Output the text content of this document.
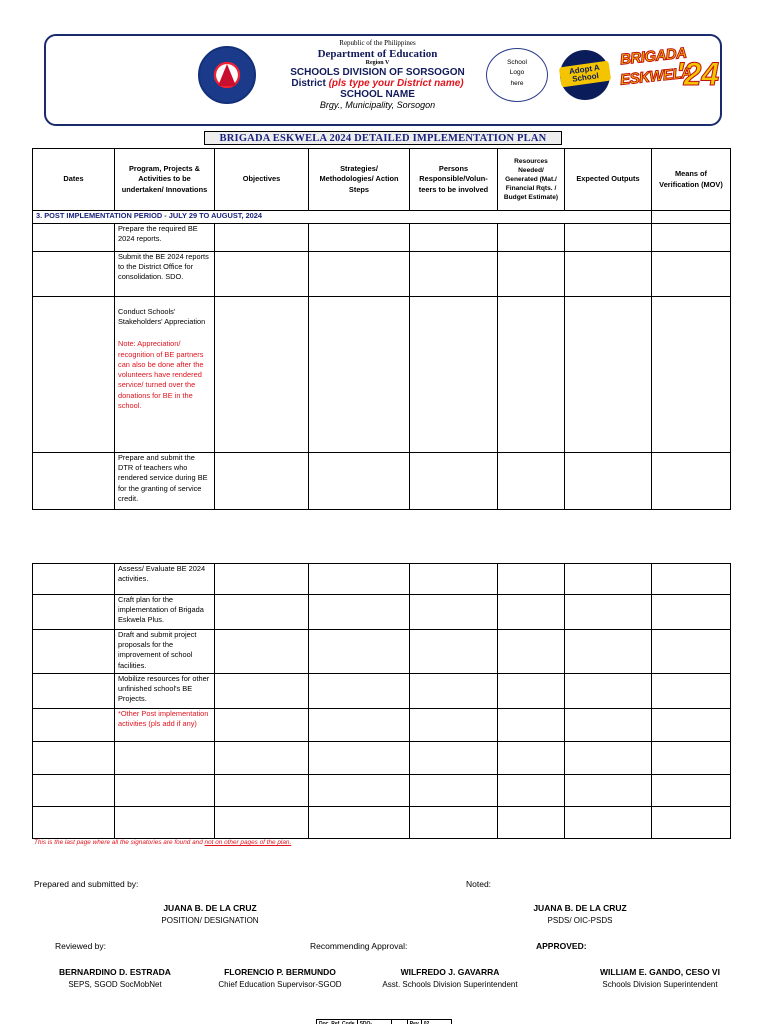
Republic of the Philippines
Department of Education
Region V
SCHOOLS DIVISION OF SORSOGON
District (pls type your District name)
SCHOOL NAME
Brgy., Municipality, Sorsogon
School
Logo
here
Adopt A School
BRIGADA
ESKWELA
'24
BRIGADA ESKWELA 2024 DETAILED IMPLEMENTATION PLAN
Dates	Program, Projects & Activities to be undertaken/ Innovations	Objectives	Strategies/ Methodologies/ Action Steps	Persons Responsible/Volun-teers to be involved	Resources Needed/ Generated (Mat./ Financial Rqts. / Budget Estimate)	Expected Outputs	Means of Verification (MOV)
3. POST IMPLEMENTATION PERIOD - JULY 29 TO AUGUST, 2024							
	Prepare the required BE 2024 reports.						
	Submit the BE 2024 reports to the District Office for consolidation. SDO.						

	Conduct Schools' Stakeholders' Appreciation
Note: Appreciation/ recognition of BE partners can also be done after the volunteers have rendered service/ turned over the donations for BE in the school.						

	Prepare and submit the DTR of teachers who rendered service during BE for the granting of service credit.						
	Assess/ Evaluate BE 2024 activities.						
	Craft plan for the implementation of Brigada Eskwela Plus.						
	Draft and submit project proposals for the improvement of school facilities.						
	Mobilize resources for other unfinished school's BE Projects.						
	*Other Post implementation activities (pls add if any)						

This is the last page where all the signatories are found and not on other pages of the plan.
Prepared and submitted by:	Noted:
JUANA B. DE LA CRUZ
POSITION/ DESIGNATION
JUANA B. DE LA CRUZ
PSDS/ OIC-PSDS
Reviewed by:	Recommending Approval:	APPROVED:
BERNARDINO D. ESTRADA
SEPS, SGOD SocMobNet
FLORENCIO P. BERMUNDO
Chief Education Supervisor-SGOD
WILFREDO J. GAVARRA
Asst. Schools Division Superintendent
WILLIAM E. GANDO, CESO VI
Schools Division Superintendent
Doc. Ref. Code	SDO-	Rev	02
